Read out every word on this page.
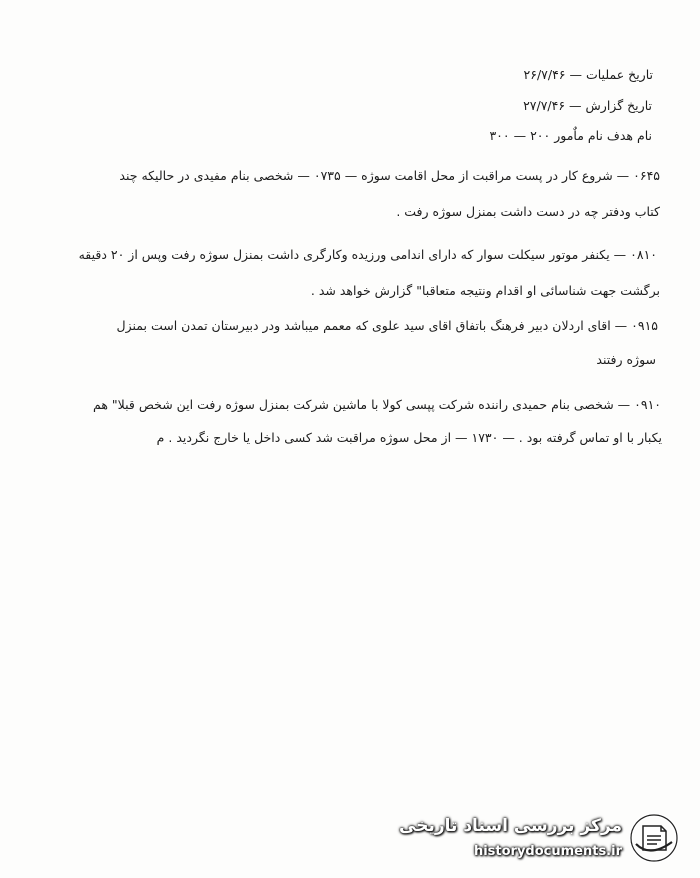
تاریخ عملیات — ۲۶/۷/۴۶
تاریخ گزارش — ۲۷/۷/۴۶
نام هدف نام ماٌمور ۲۰۰ — ۳۰۰
۰۶۴۵ — شروع کار در پست مراقبت از محل اقامت سوژه — ۰۷۳۵ — شخصی بنام مفیدی در حالیکه چند
کتاب ودفتر چه در دست داشت بمنزل سوژه رفت .
۰۸۱۰ — یکنفر موتور سیکلت سوار که دارای اندامی ورزیده وکارگری داشت بمنزل سوژه رفت وپس از ۲۰ دقیقه
برگشت جهت شناسائی او اقدام ونتیجه متعاقبا" گزارش خواهد شد .
۰۹۱۵ — اقای اردلان دبیر فرهنگ باتفاق اقای سید علوی که معمم میباشد ودر دبیرستان تمدن است بمنزل
سوژه رفتند
۰۹۱۰ — شخصی بنام حمیدی راننده شرکت پپسی کولا با ماشین شرکت بمنزل سوژه رفت این شخص قبلا" هم
یکبار با او تماس گرفته بود . — ۱۷۳۰ — از محل سوژه مراقبت شد کسی داخل یا خارج نگردید . م
مرکز بررسی اسناد تاریخی
historydocuments.ir
